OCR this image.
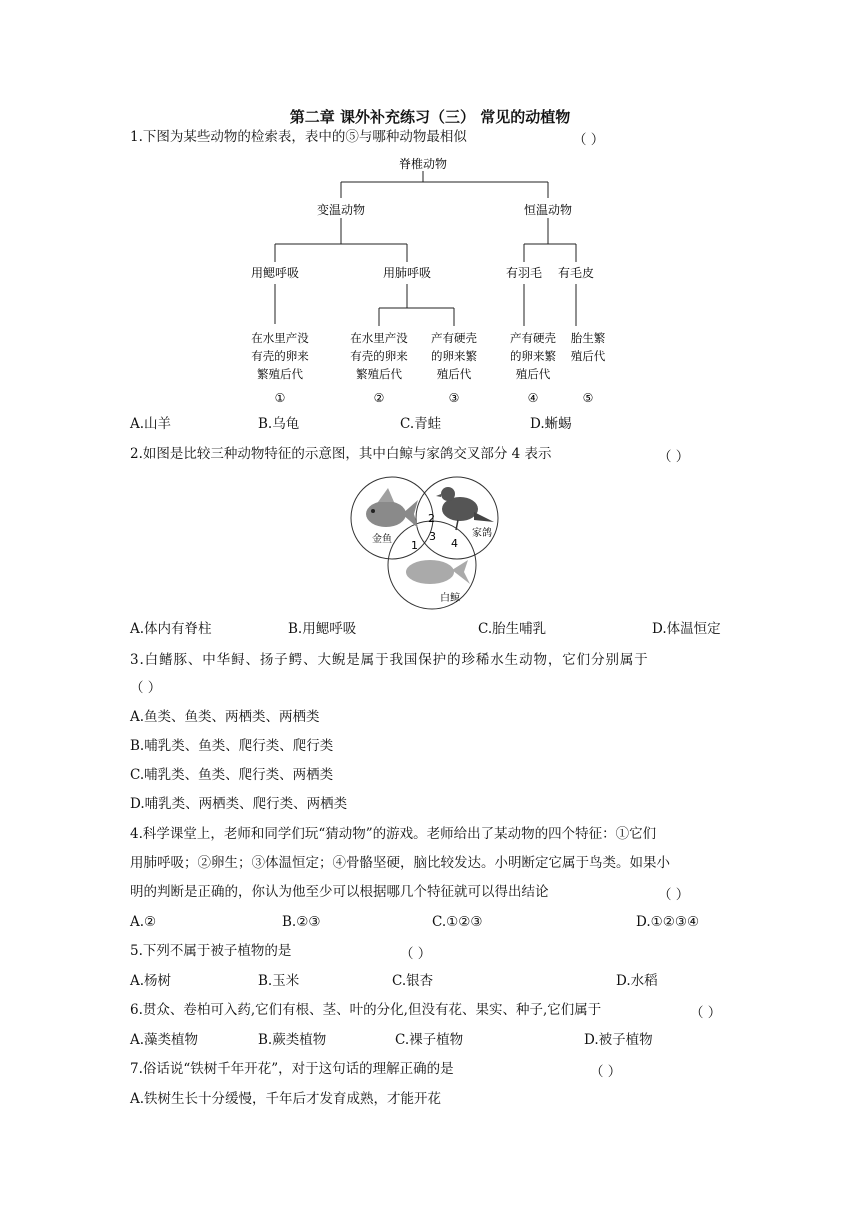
第二章 课外补充练习（三） 常见的动植物
1.下图为某些动物的检索表，表中的⑤与哪种动物最相似	（ ）
脊椎动物
变温动物	恒温动物
用鳃呼吸	用肺呼吸	有羽毛 有毛皮
在水里产没
有壳的卵来
繁殖后代
在水里产没
有壳的卵来
繁殖后代
产有硬壳
的卵来繁
殖后代
产有硬壳
的卵来繁
殖后代
胎生繁
殖后代
①	②	③	④	⑤
A.山羊	B.乌龟	C.青蛙	D.蜥蜴
2.如图是比较三种动物特征的示意图，其中白鲸与家鸽交叉部分 4 表示	（ ）
金鱼
家鸽
白鲸
1
2
3
4
A.体内有脊柱	B.用鳃呼吸	C.胎生哺乳	D.体温恒定
3.白鳍豚、中华鲟、扬子鳄、大鲵是属于我国保护的珍稀水生动物，它们分别属于
（ ）
A.鱼类、鱼类、两栖类、两栖类
B.哺乳类、鱼类、爬行类、爬行类
C.哺乳类、鱼类、爬行类、两栖类
D.哺乳类、两栖类、爬行类、两栖类
4.科学课堂上，老师和同学们玩“猜动物”的游戏。老师给出了某动物的四个特征：①它们
用肺呼吸；②卵生；③体温恒定；④骨骼坚硬，脑比较发达。小明断定它属于鸟类。如果小
明的判断是正确的，你认为他至少可以根据哪几个特征就可以得出结论	（ ）
A.②	B.②③	C.①②③	D.①②③④
5.下列不属于被子植物的是	（ ）
A.杨树	B.玉米	C.银杏	D.水稻
6.贯众、卷柏可入药,它们有根、茎、叶的分化,但没有花、果实、种子,它们属于	（ ）
A.藻类植物	B.蕨类植物	C.裸子植物	D.被子植物
7.俗话说“铁树千年开花”，对于这句话的理解正确的是	（ ）
A.铁树生长十分缓慢，千年后才发育成熟，才能开花
